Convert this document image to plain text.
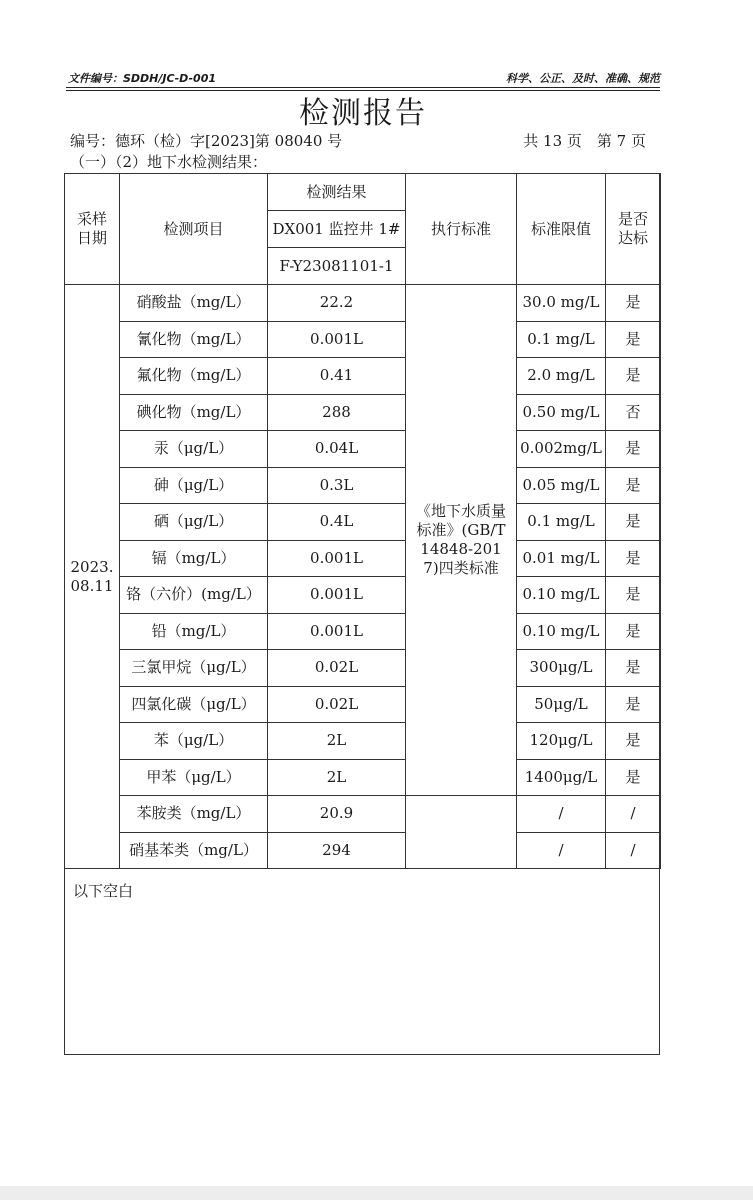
文件编号：SDDH/JC-D-001	科学、公正、及时、准确、规范
检测报告
编号：德环（检）字[2023]第 08040 号	共 13 页　第 7 页
（一）（2）地下水检测结果：
采样日期	检测项目	检测结果	执行标准	标准限值	是否达标
		DX001 监控井 1#			
		F-Y23081101-1			
2023.08.11	硝酸盐（mg/L）	22.2	《地下水质量标准》(GB/T14848-2017)四类标准	30.0 mg/L	是
	氰化物（mg/L）	0.001L		0.1 mg/L	是
	氟化物（mg/L）	0.41		2.0 mg/L	是
	碘化物（mg/L）	288		0.50 mg/L	否
	汞（μg/L）	0.04L		0.002mg/L	是
	砷（μg/L）	0.3L		0.05 mg/L	是
	硒（μg/L）	0.4L		0.1 mg/L	是
	镉（mg/L）	0.001L		0.01 mg/L	是
	铬（六价）(mg/L）	0.001L		0.10 mg/L	是
	铅（mg/L）	0.001L		0.10 mg/L	是
	三氯甲烷（μg/L）	0.02L		300μg/L	是
	四氯化碳（μg/L）	0.02L		50μg/L	是
	苯（μg/L）	2L		120μg/L	是
	甲苯（μg/L）	2L		1400μg/L	是
	苯胺类（mg/L）	20.9		/	/
	硝基苯类（mg/L）	294		/	/
以下空白
